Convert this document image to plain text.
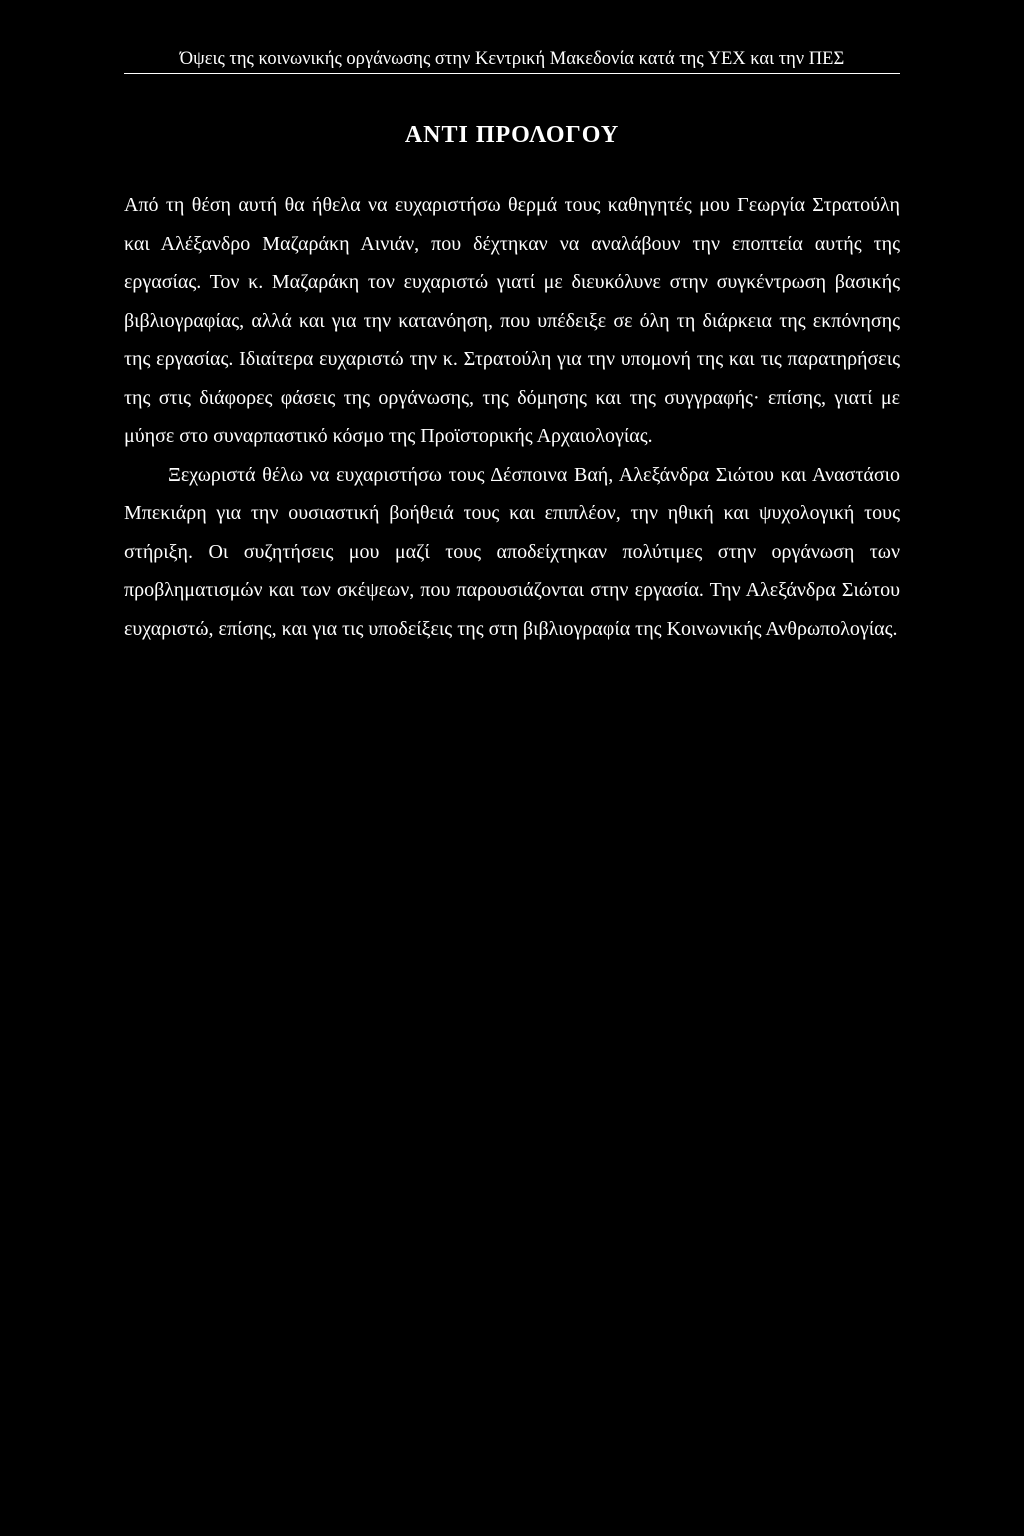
Όψεις της κοινωνικής οργάνωσης στην Κεντρική Μακεδονία κατά της ΥΕΧ και την ΠΕΣ
ΑΝΤΙ ΠΡΟΛΟΓΟΥ

Από τη θέση αυτή θα ήθελα να ευχαριστήσω θερμά τους καθηγητές μου Γεωργία Στρατούλη και Αλέξανδρο Μαζαράκη Αινιάν, που δέχτηκαν να αναλάβουν την εποπτεία αυτής της εργασίας. Τον κ. Μαζαράκη τον ευχαριστώ γιατί με διευκόλυνε στην συγκέντρωση βασικής βιβλιογραφίας, αλλά και για την κατανόηση, που υπέδειξε σε όλη τη διάρκεια της εκπόνησης της εργασίας. Ιδιαίτερα ευχαριστώ την κ. Στρατούλη για την υπομονή της και τις παρατηρήσεις της στις διάφορες φάσεις της οργάνωσης, της δόμησης και της συγγραφής· επίσης, γιατί με μύησε στο συναρπαστικό κόσμο της Προϊστορικής Αρχαιολογίας.

Ξεχωριστά θέλω να ευχαριστήσω τους Δέσποινα Βαή, Αλεξάνδρα Σιώτου και Αναστάσιο Μπεκιάρη για την ουσιαστική βοήθειά τους και επιπλέον, την ηθική και ψυχολογική τους στήριξη. Οι συζητήσεις μου μαζί τους αποδείχτηκαν πολύτιμες στην οργάνωση των προβληματισμών και των σκέψεων, που παρουσιάζονται στην εργασία. Την Αλεξάνδρα Σιώτου ευχαριστώ, επίσης, και για τις υποδείξεις της στη βιβλιογραφία της Κοινωνικής Ανθρωπολογίας.
